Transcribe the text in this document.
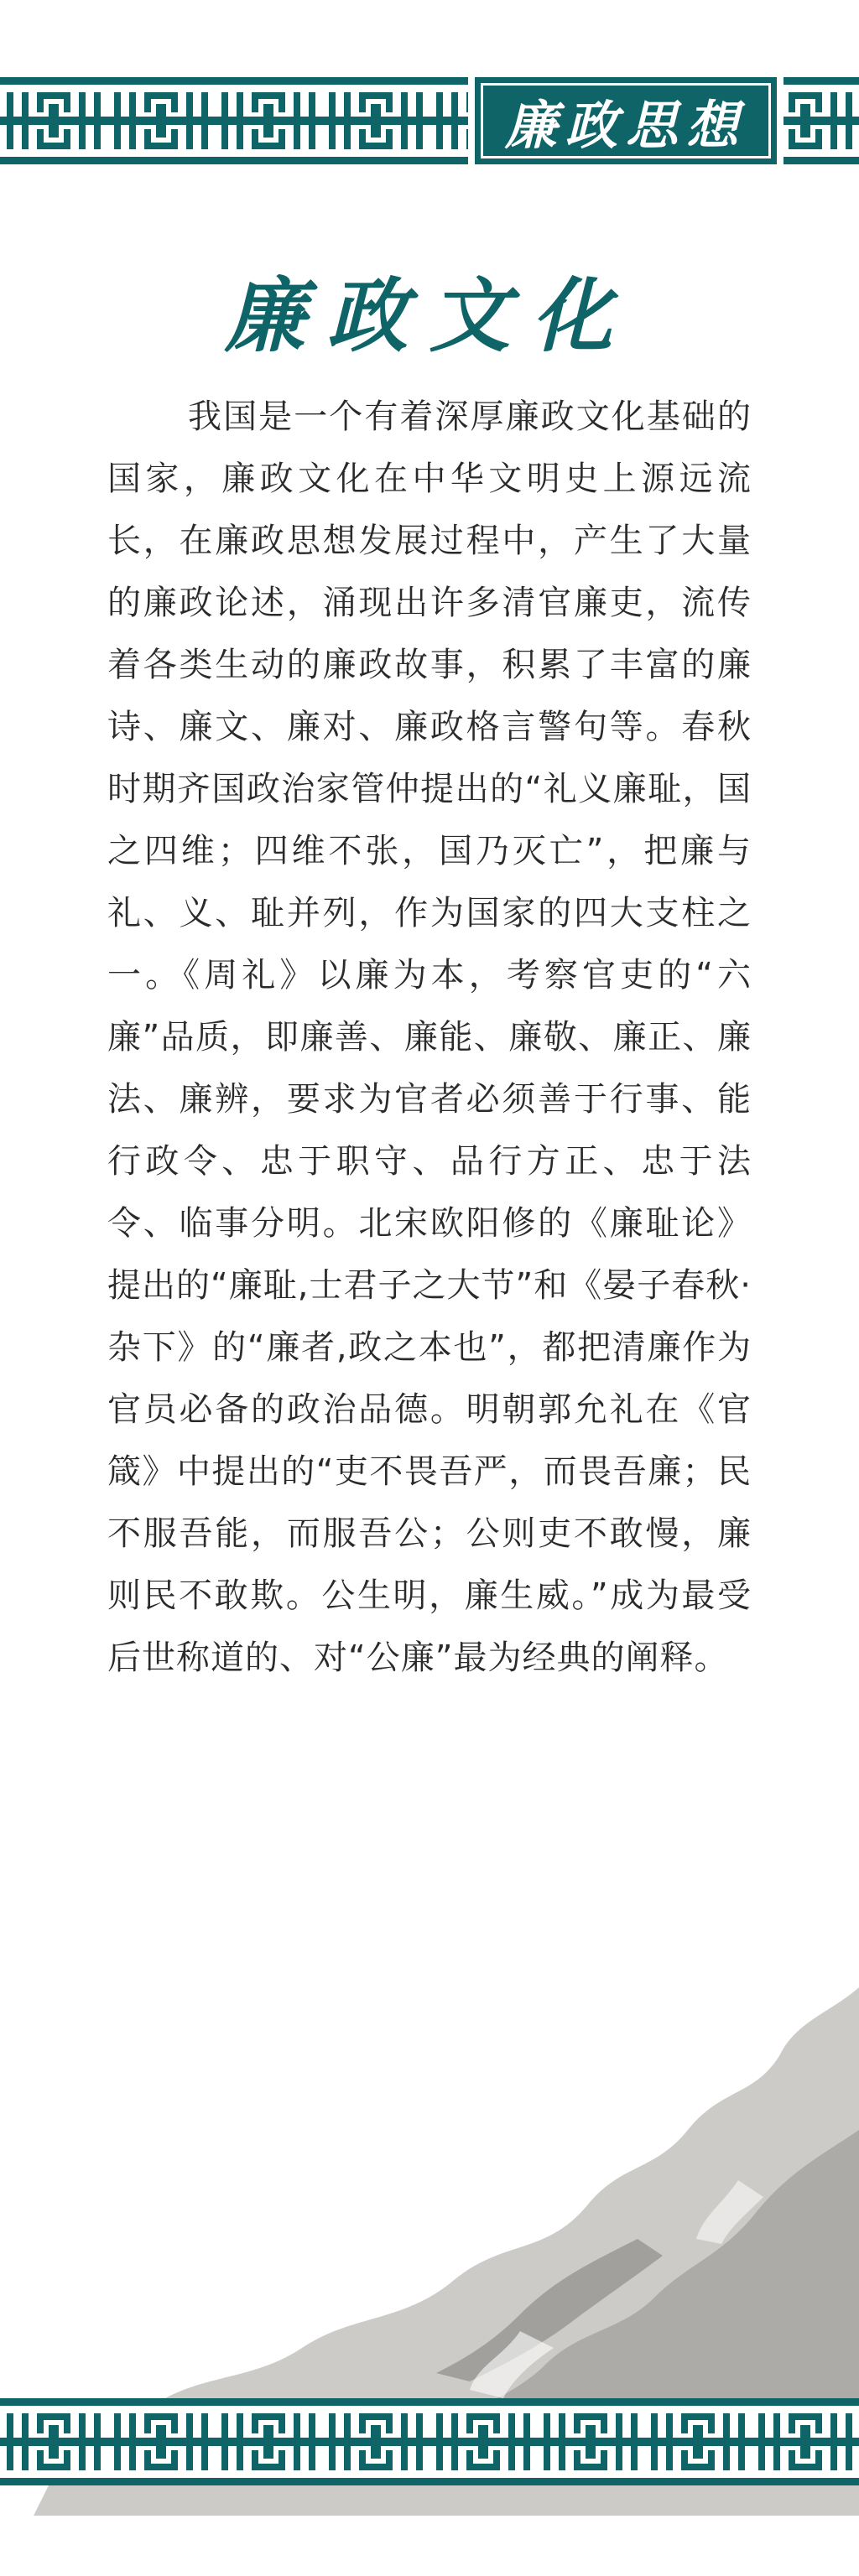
廉政思想
廉政文化

我国是一个有着深厚廉政文化基础的国家，廉政文化在中华文明史上源远流长，在廉政思想发展过程中，产生了大量的廉政论述，涌现出许多清官廉吏，流传着各类生动的廉政故事，积累了丰富的廉诗、廉文、廉对、廉政格言警句等。春秋时期齐国政治家管仲提出的“礼义廉耻，国之四维；四维不张，国乃灭亡”，把廉与礼、义、耻并列，作为国家的四大支柱之一。《周礼》以廉为本，考察官吏的“六廉”品质，即廉善、廉能、廉敬、廉正、廉法、廉辨，要求为官者必须善于行事、能行政令、忠于职守、品行方正、忠于法令、临事分明。北宋欧阳修的《廉耻论》提出的“廉耻,士君子之大节”和《晏子春秋·杂下》的“廉者,政之本也”，都把清廉作为官员必备的政治品德。明朝郭允礼在《官箴》中提出的“吏不畏吾严，而畏吾廉；民不服吾能，而服吾公；公则吏不敢慢，廉则民不敢欺。公生明，廉生威。”成为最受后世称道的、对“公廉”最为经典的阐释。
